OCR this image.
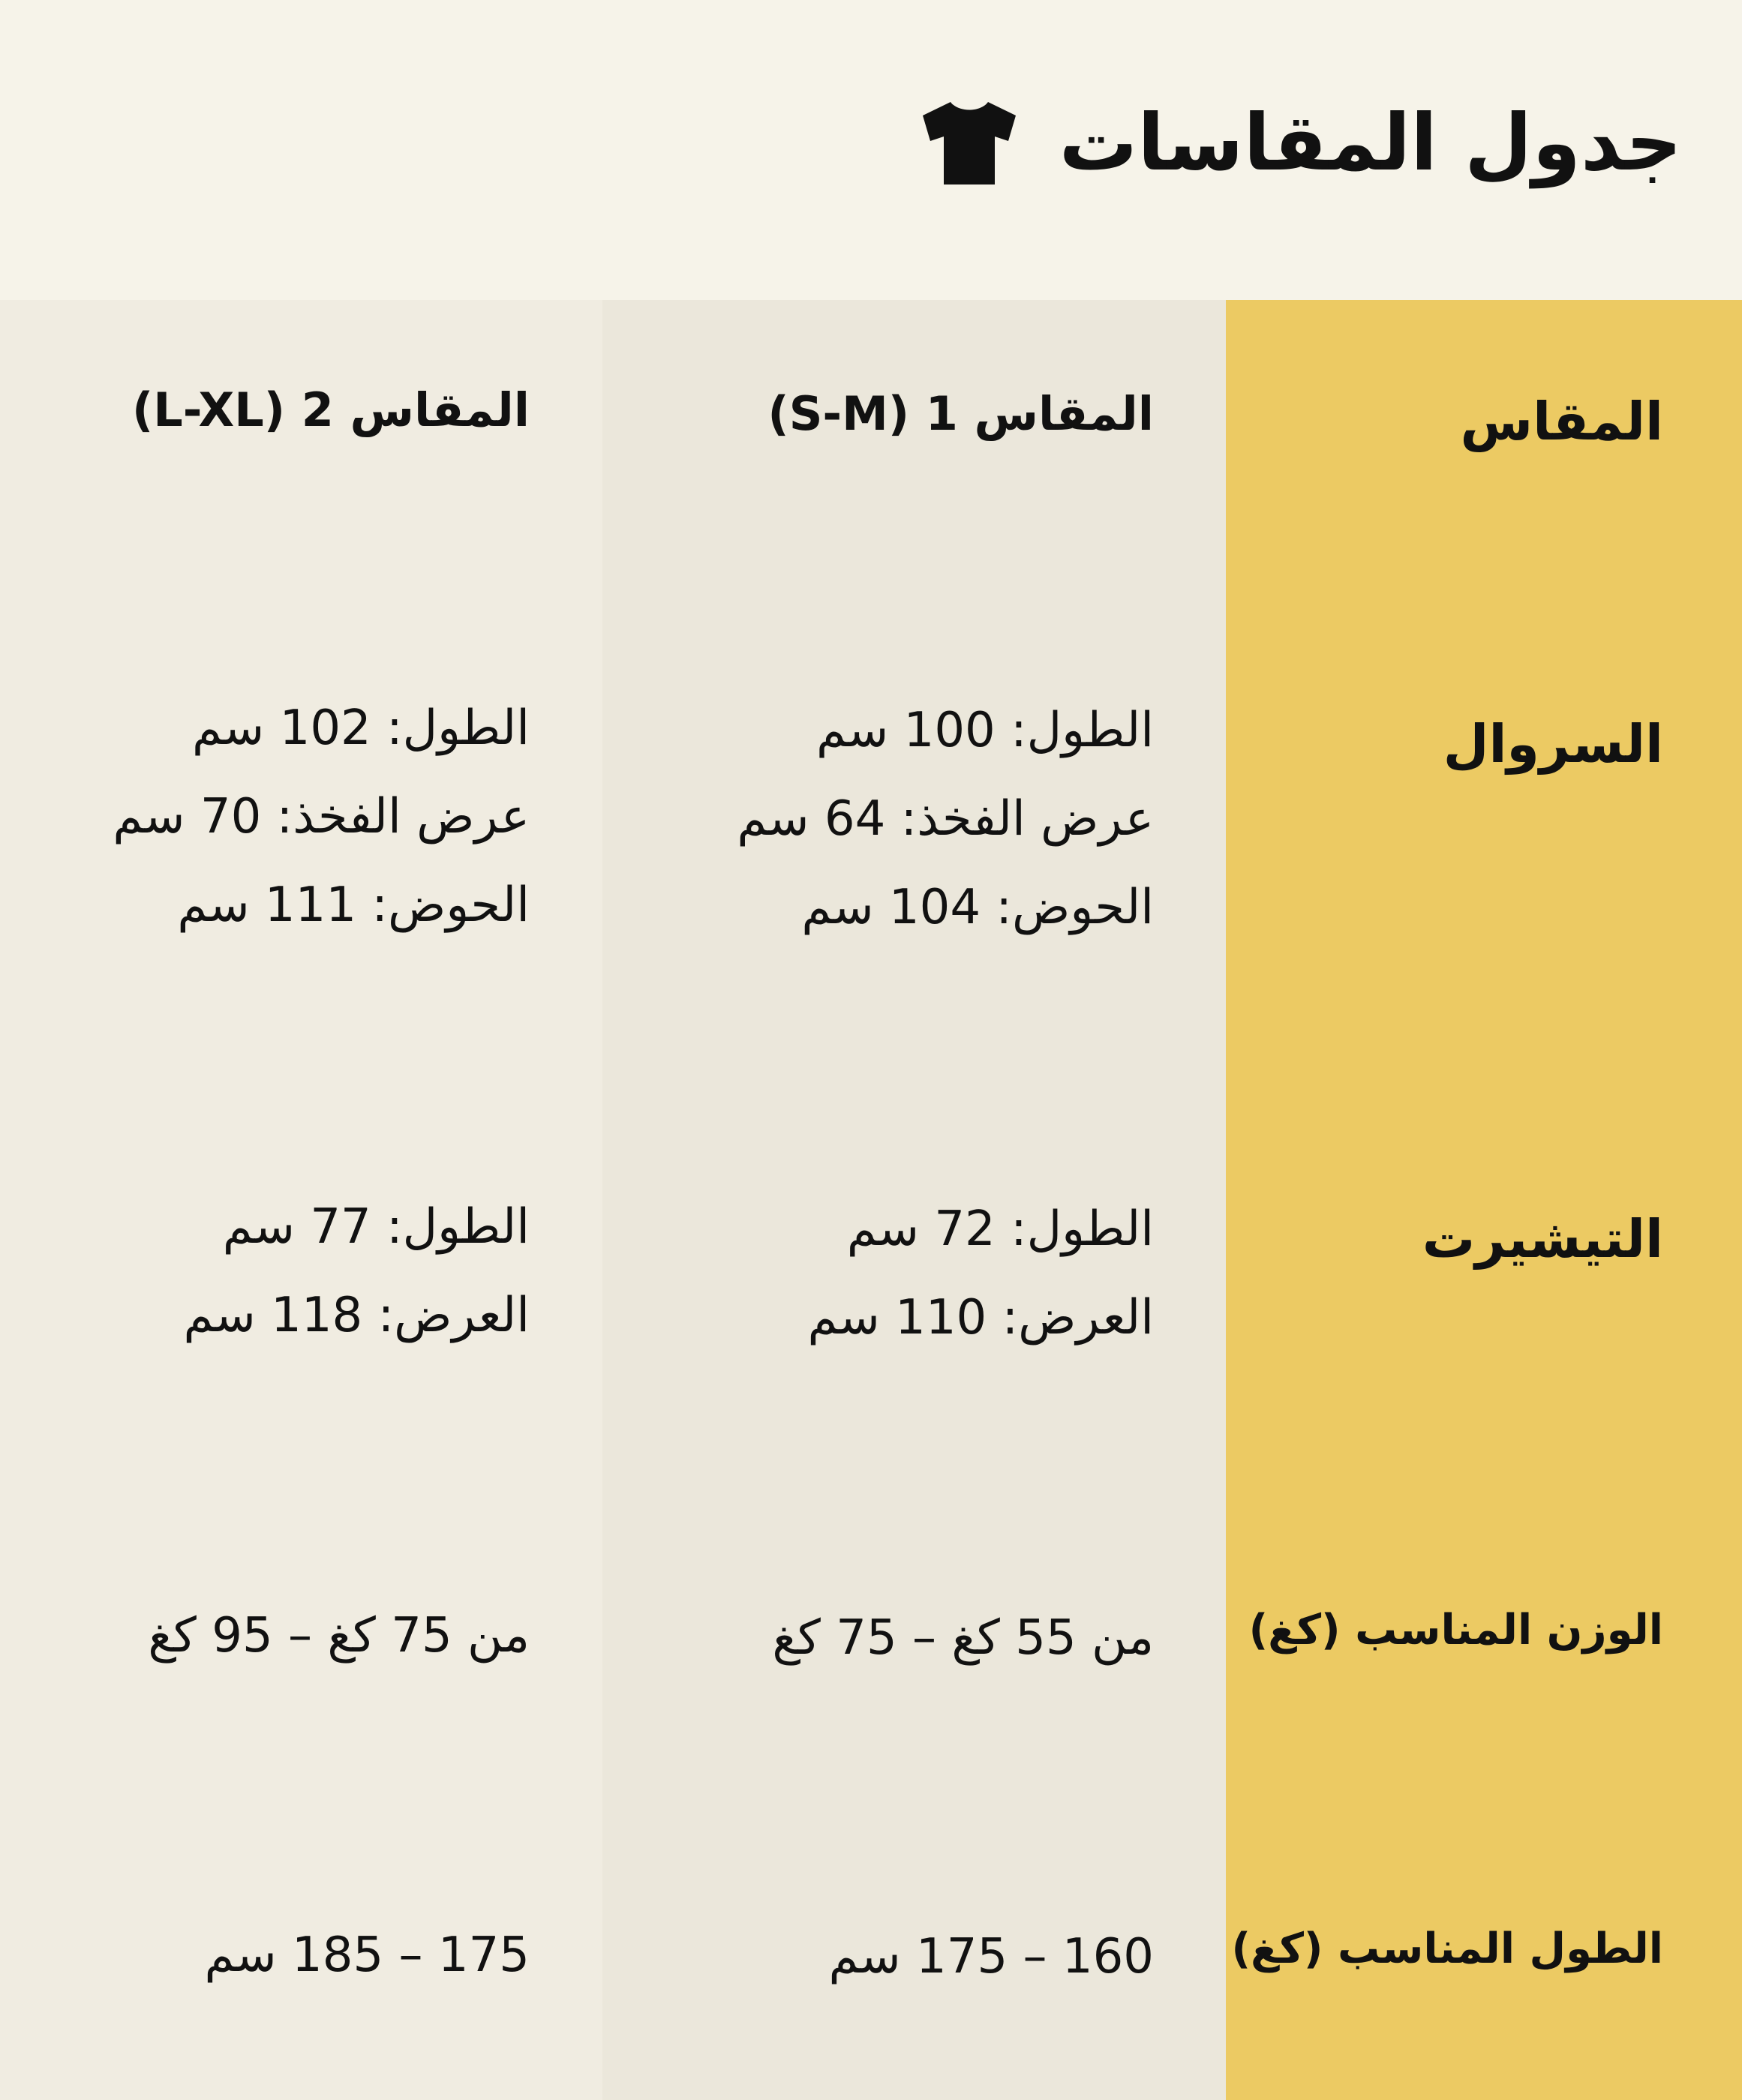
جدول المقاسات
المقاس
السروال
التيشيرت
الوزن المناسب (كغ)
الطول المناسب (كغ)
المقاس 1 (S-M)
الطول: 100 سم
عرض الفخذ: 64 سم
الحوض: 104 سم
الطول: 72 سم
العرض: 110 سم
من 55 كغ – 75 كغ
160 – 175 سم
المقاس 2 (L-XL)
الطول: 102 سم
عرض الفخذ: 70 سم
الحوض: 111 سم
الطول: 77 سم
العرض: 118 سم
من 75 كغ – 95 كغ
175 – 185 سم
